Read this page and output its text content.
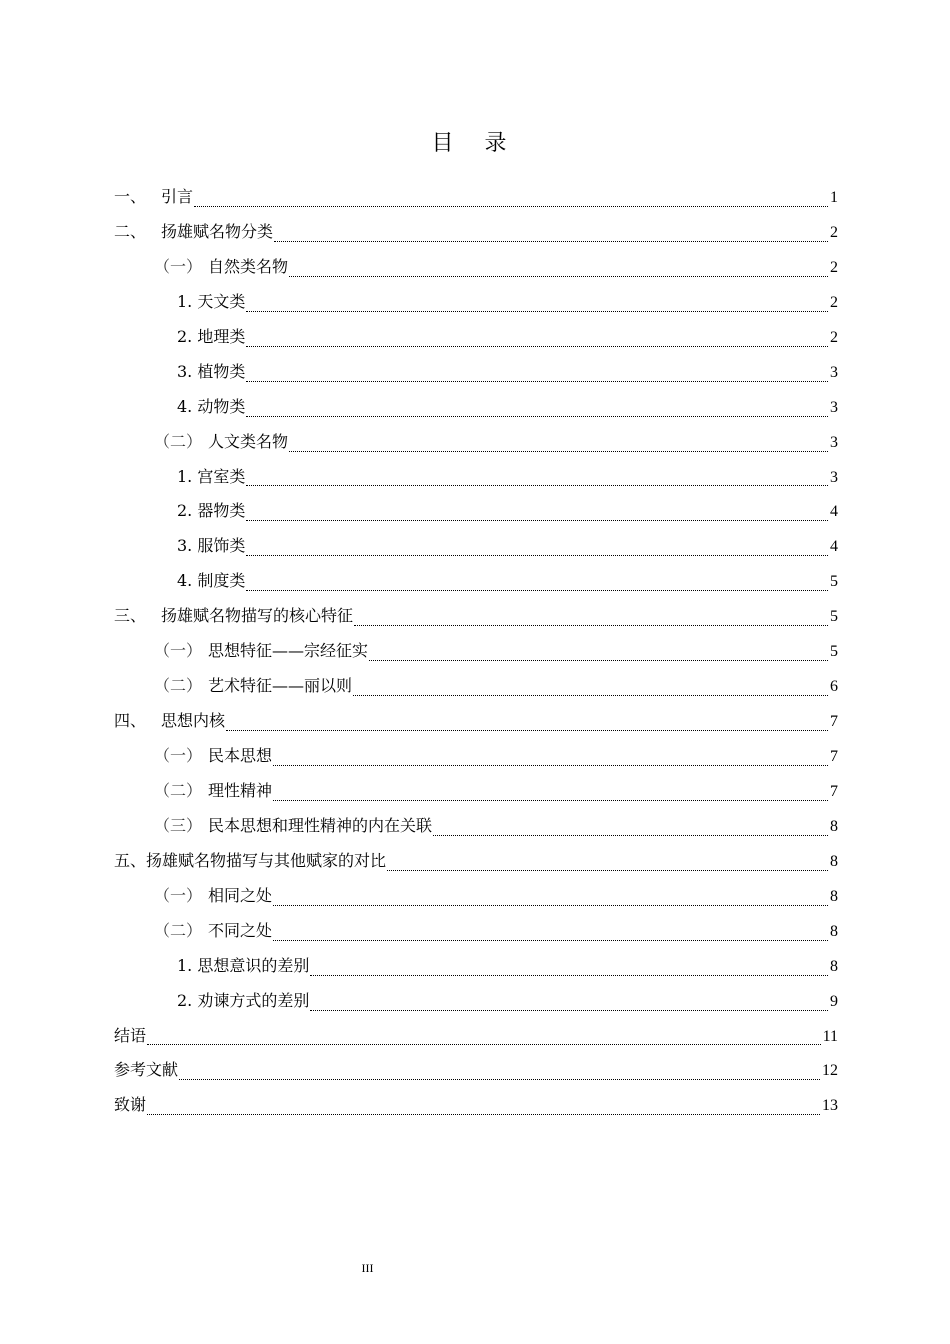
目 录
一、 引言	1
二、 扬雄赋名物分类	2
（一） 自然类名物	2
1. 天文类	2
2. 地理类	2
3. 植物类	3
4. 动物类	3
（二） 人文类名物	3
1. 宫室类	3
2. 器物类	4
3. 服饰类	4
4. 制度类	5
三、 扬雄赋名物描写的核心特征	5
（一） 思想特征——宗经征实	5
（二） 艺术特征——丽以则	6
四、 思想内核	7
（一） 民本思想	7
（二） 理性精神	7
（三） 民本思想和理性精神的内在关联	8
五、扬雄赋名物描写与其他赋家的对比	8
（一） 相同之处	8
（二） 不同之处	8
1. 思想意识的差别	8
2. 劝谏方式的差别	9
结语	11
参考文献	12
致谢	13
III
